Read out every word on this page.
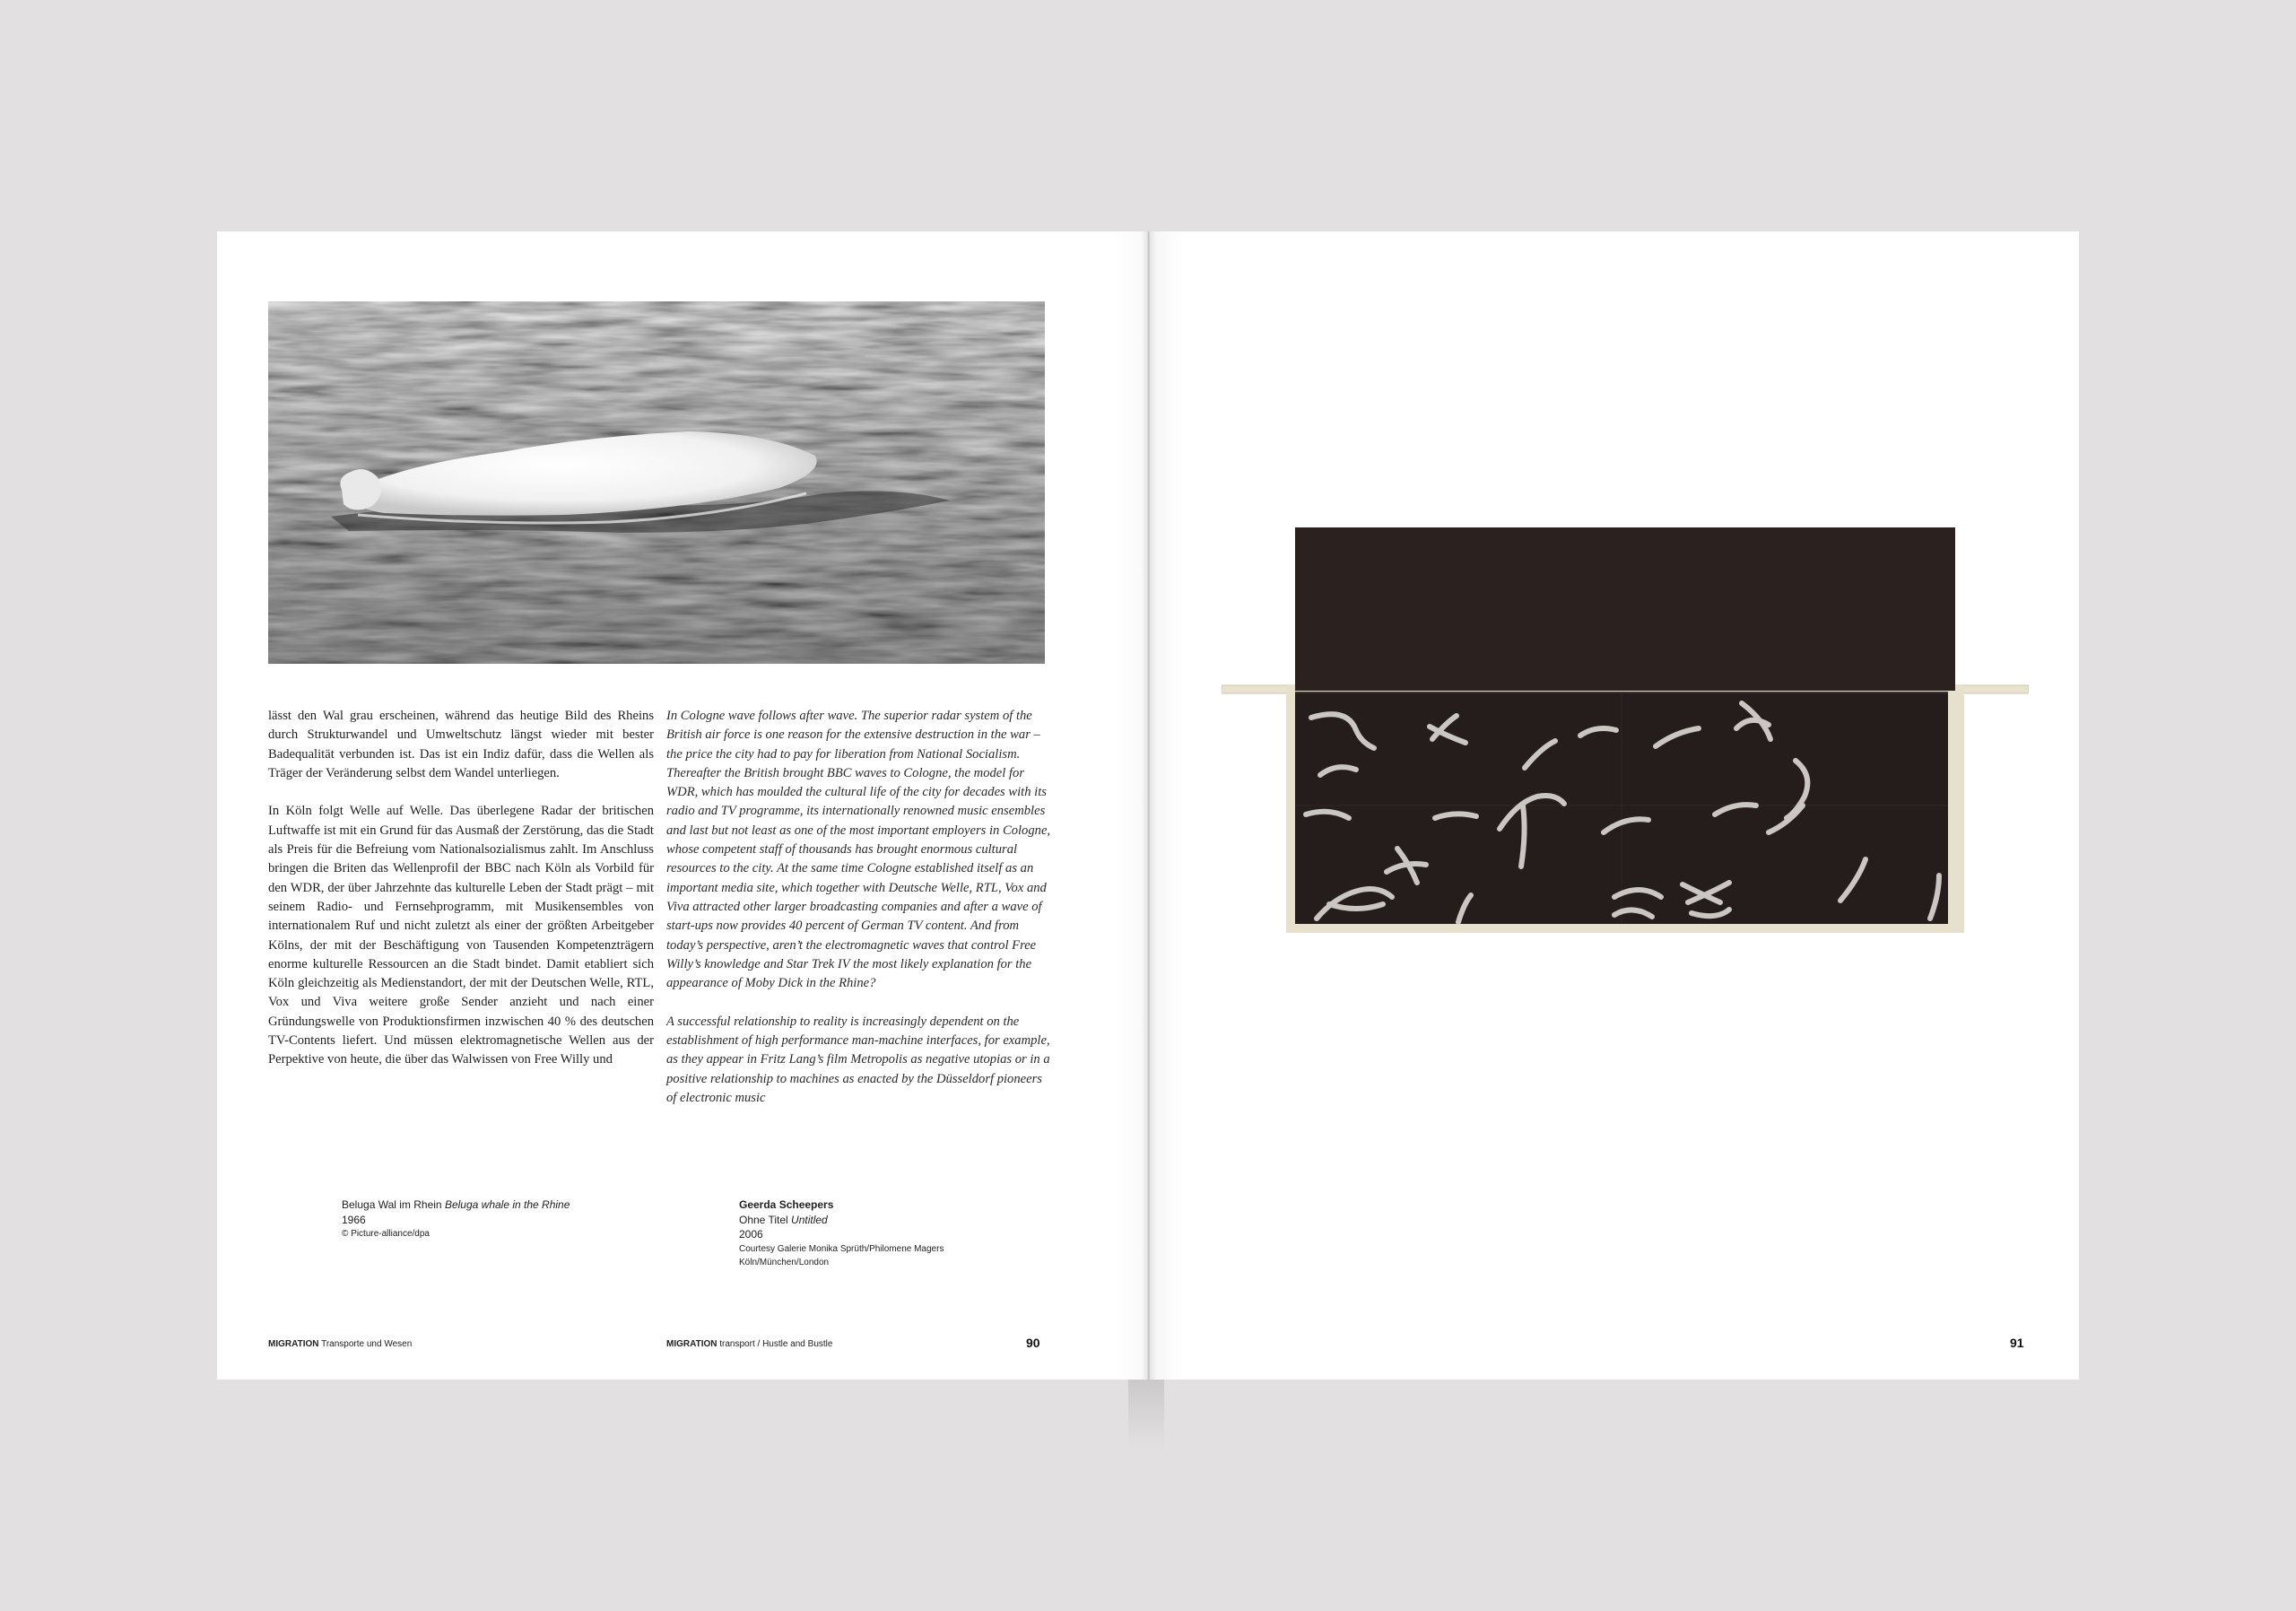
lässt den Wal grau erscheinen, während das heutige Bild des Rheins durch Strukturwandel und Umweltschutz längst wieder mit bester Badequalität verbunden ist. Das ist ein Indiz dafür, dass die Wellen als Träger der Veränderung selbst dem Wandel unterliegen.

In Köln folgt Welle auf Welle. Das überlegene Radar der britischen Luftwaffe ist mit ein Grund für das Ausmaß der Zerstörung, das die Stadt als Preis für die Befreiung vom Nationalsozialismus zahlt. Im Anschluss bringen die Briten das Wellenprofil der BBC nach Köln als Vorbild für den WDR, der über Jahrzehnte das kulturelle Leben der Stadt prägt – mit seinem Radio- und Fernsehprogramm, mit Musikensembles von internationalem Ruf und nicht zuletzt als einer der größten Arbeitgeber Kölns, der mit der Beschäftigung von Tausenden Kompetenzträgern enorme kulturelle Ressourcen an die Stadt bindet. Damit etabliert sich Köln gleichzeitig als Medienstandort, der mit der Deutschen Welle, RTL, Vox und Viva weitere große Sender anzieht und nach einer Gründungswelle von Produktionsfirmen inzwischen 40 % des deutschen TV-Contents liefert. Und müssen elektromagnetische Wellen aus der Perpektive von heute, die über das Walwissen von Free Willy und

In Cologne wave follows after wave. The superior radar system of the British air force is one reason for the extensive destruction in the war – the price the city had to pay for liberation from National Socialism. Thereafter the British brought BBC waves to Cologne, the model for WDR, which has moulded the cultural life of the city for decades with its radio and TV programme, its internationally renowned music ensembles and last but not least as one of the most important employers in Cologne, whose competent staff of thousands has brought enormous cultural resources to the city. At the same time Cologne established itself as an important media site, which together with Deutsche Welle, RTL, Vox and Viva attracted other larger broadcasting companies and after a wave of start-ups now provides 40 percent of German TV content. And from today’s perspective, aren’t the electromagnetic waves that control Free Willy’s knowledge and Star Trek IV the most likely explanation for the appearance of Moby Dick in the Rhine?

A successful relationship to reality is increasingly dependent on the establishment of high performance man-machine interfaces, for example, as they appear in Fritz Lang’s film Metropolis as negative utopias or in a positive relationship to machines as enacted by the Düsseldorf pioneers of electronic music

Beluga Wal im Rhein Beluga whale in the Rhine
1966
© Picture-alliance/dpa
Geerda Scheepers
Ohne Titel Untitled
2006
Courtesy Galerie Monika Sprüth/Philomene Magers
Köln/München/London
MIGRATION Transporte und Wesen	MIGRATION transport / Hustle and Bustle	90	91
